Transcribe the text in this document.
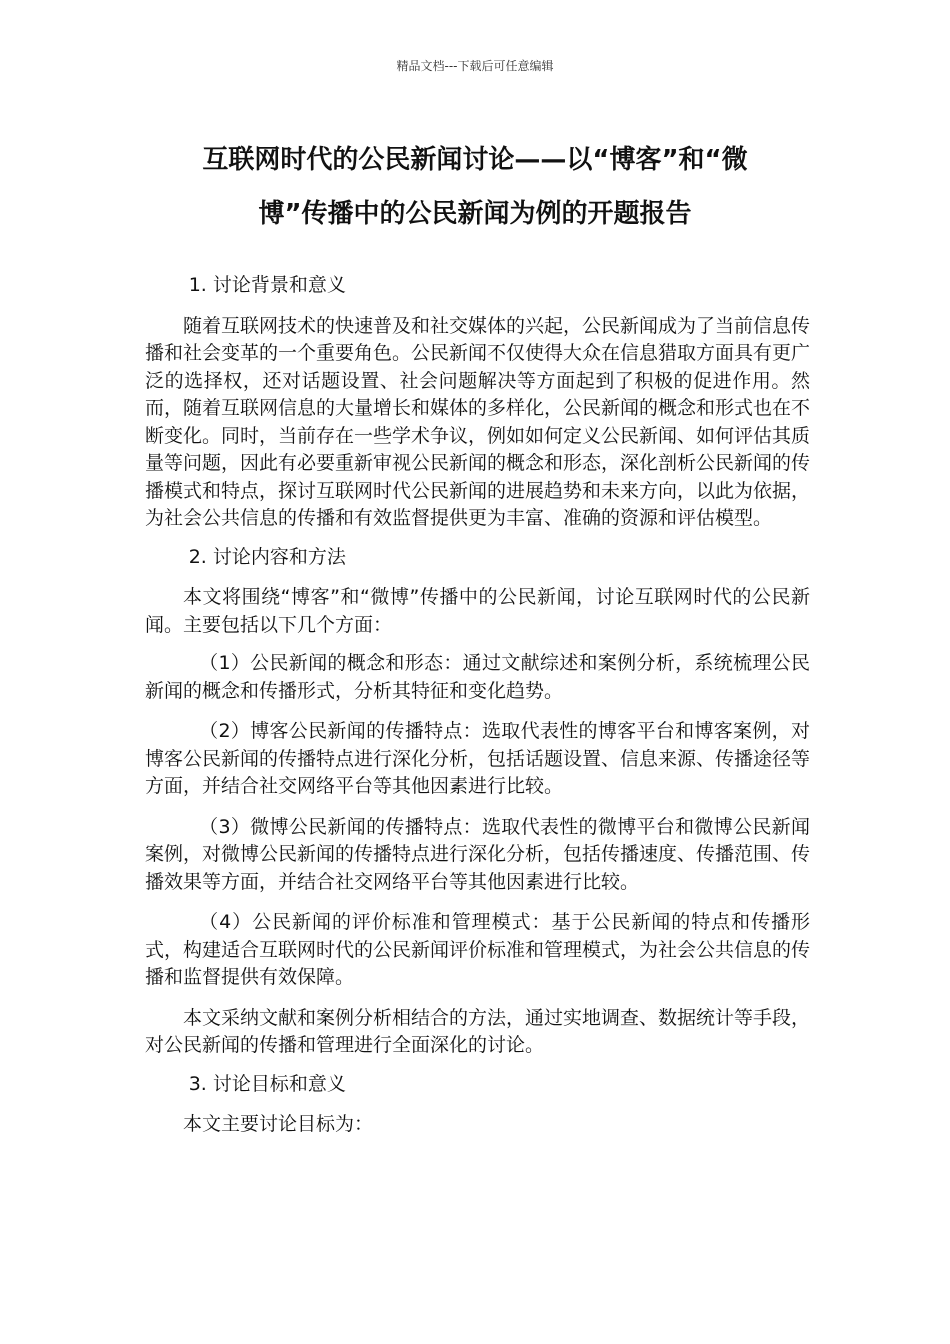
精品文档---下载后可任意编辑
互联网时代的公民新闻讨论——以“博客”和“微
博”传播中的公民新闻为例的开题报告

1. 讨论背景和意义

随着互联网技术的快速普及和社交媒体的兴起，公民新闻成为了当前信息传播和社会变革的一个重要角色。公民新闻不仅使得大众在信息猎取方面具有更广泛的选择权，还对话题设置、社会问题解决等方面起到了积极的促进作用。然而，随着互联网信息的大量增长和媒体的多样化，公民新闻的概念和形式也在不断变化。同时，当前存在一些学术争议，例如如何定义公民新闻、如何评估其质量等问题，因此有必要重新审视公民新闻的概念和形态，深化剖析公民新闻的传播模式和特点，探讨互联网时代公民新闻的进展趋势和未来方向，以此为依据，为社会公共信息的传播和有效监督提供更为丰富、准确的资源和评估模型。

2. 讨论内容和方法

本文将围绕“博客”和“微博”传播中的公民新闻，讨论互联网时代的公民新闻。主要包括以下几个方面：

（1）公民新闻的概念和形态：通过文献综述和案例分析，系统梳理公民新闻的概念和传播形式，分析其特征和变化趋势。

（2）博客公民新闻的传播特点：选取代表性的博客平台和博客案例，对博客公民新闻的传播特点进行深化分析，包括话题设置、信息来源、传播途径等方面，并结合社交网络平台等其他因素进行比较。

（3）微博公民新闻的传播特点：选取代表性的微博平台和微博公民新闻案例，对微博公民新闻的传播特点进行深化分析，包括传播速度、传播范围、传播效果等方面，并结合社交网络平台等其他因素进行比较。

（4）公民新闻的评价标准和管理模式：基于公民新闻的特点和传播形式，构建适合互联网时代的公民新闻评价标准和管理模式，为社会公共信息的传播和监督提供有效保障。

本文采纳文献和案例分析相结合的方法，通过实地调查、数据统计等手段，对公民新闻的传播和管理进行全面深化的讨论。

3. 讨论目标和意义

本文主要讨论目标为：
